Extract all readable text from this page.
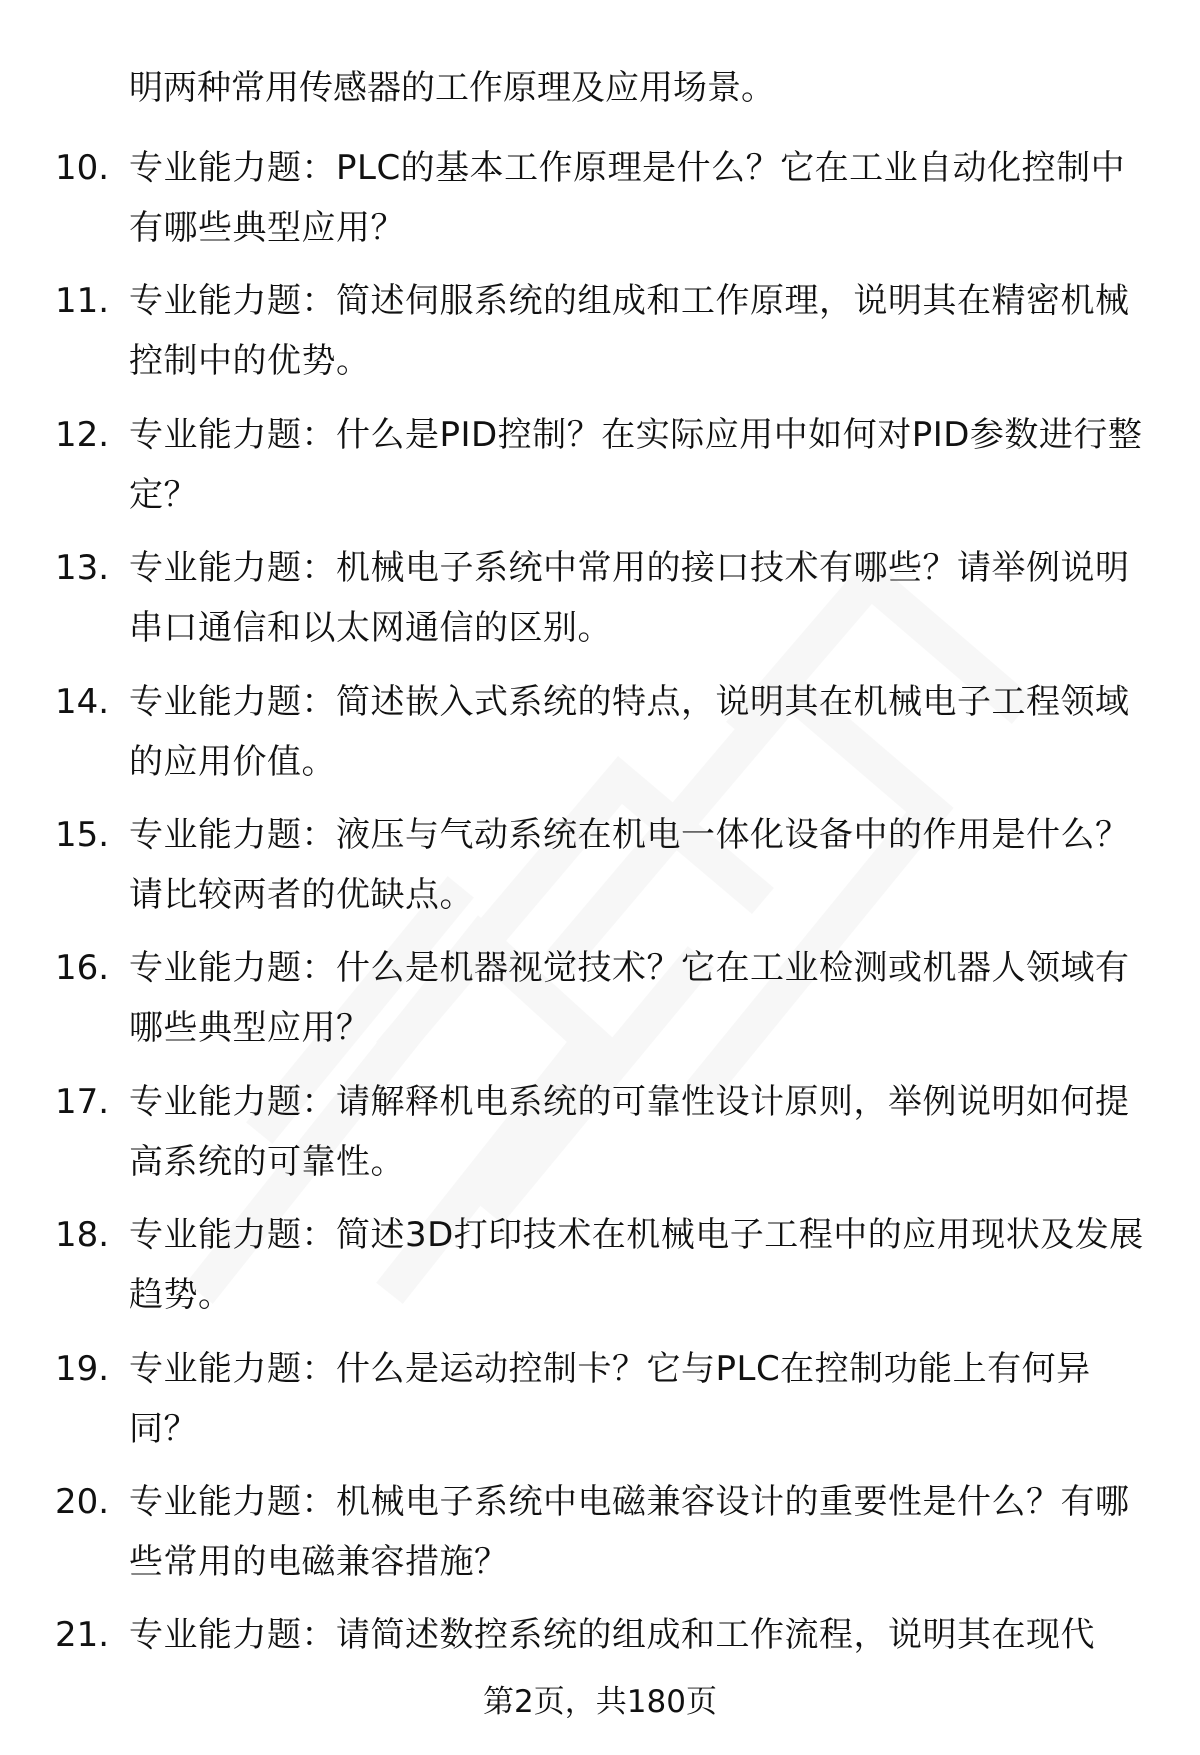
明两种常用传感器的工作原理及应用场景。

10. 专业能力题：PLC的基本工作原理是什么？它在工业自动化控制中有哪些典型应用？
11. 专业能力题：简述伺服系统的组成和工作原理，说明其在精密机械控制中的优势。
12. 专业能力题：什么是PID控制？在实际应用中如何对PID参数进行整定？
13. 专业能力题：机械电子系统中常用的接口技术有哪些？请举例说明串口通信和以太网通信的区别。
14. 专业能力题：简述嵌入式系统的特点，说明其在机械电子工程领域的应用价值。
15. 专业能力题：液压与气动系统在机电一体化设备中的作用是什么？请比较两者的优缺点。
16. 专业能力题：什么是机器视觉技术？它在工业检测或机器人领域有哪些典型应用？
17. 专业能力题：请解释机电系统的可靠性设计原则，举例说明如何提高系统的可靠性。
18. 专业能力题：简述3D打印技术在机械电子工程中的应用现状及发展趋势。
19. 专业能力题：什么是运动控制卡？它与PLC在控制功能上有何异同？
20. 专业能力题：机械电子系统中电磁兼容设计的重要性是什么？有哪些常用的电磁兼容措施？
21. 专业能力题：请简述数控系统的组成和工作流程，说明其在现代
第2页，共180页
